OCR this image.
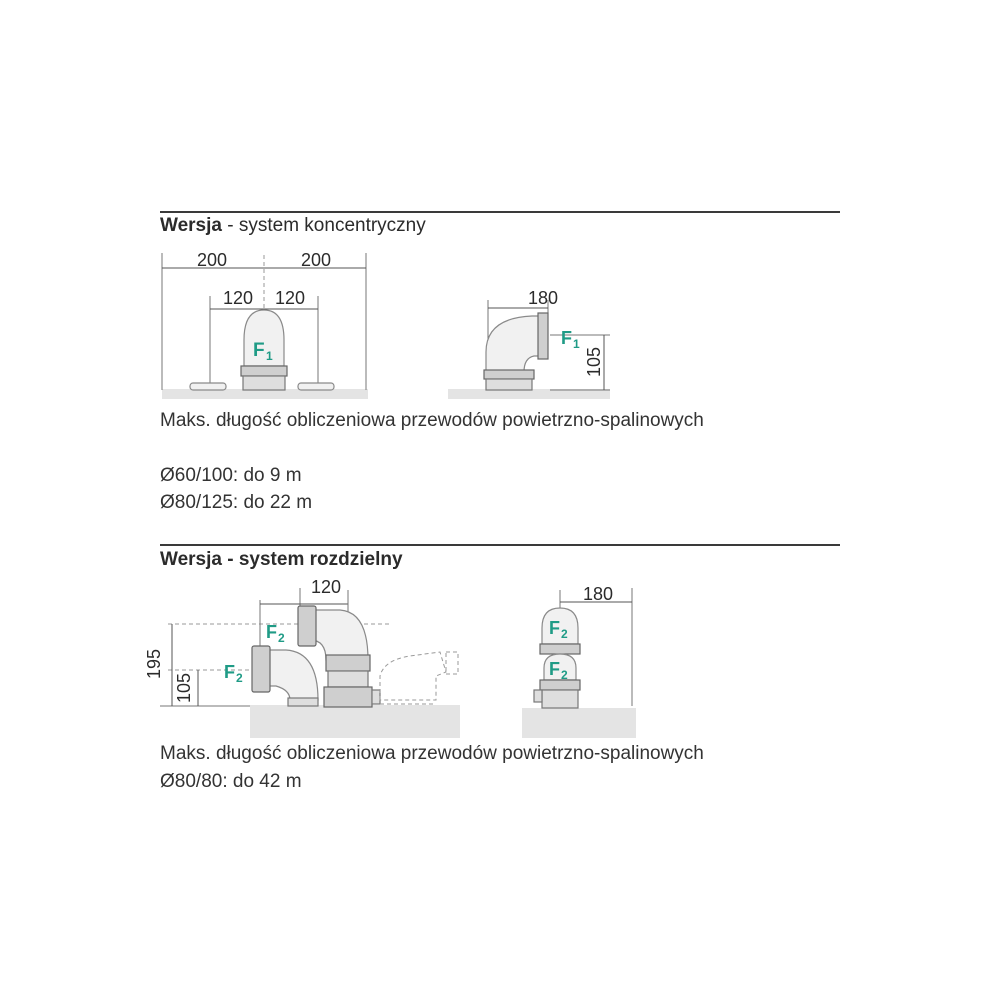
Wersja - system koncentryczny
Wersja - system rozdzielny
200	200
120 120
F 1
180
105
F 1
120
195
105
F 2
F 2
180
F 2
F 2
Maks. długość obliczeniowa przewodów powietrzno-spalinowych
Ø60/100: do 9 m
Ø80/125: do 22 m
Maks. długość obliczeniowa przewodów powietrzno-spalinowych
Ø80/80: do 42 m
